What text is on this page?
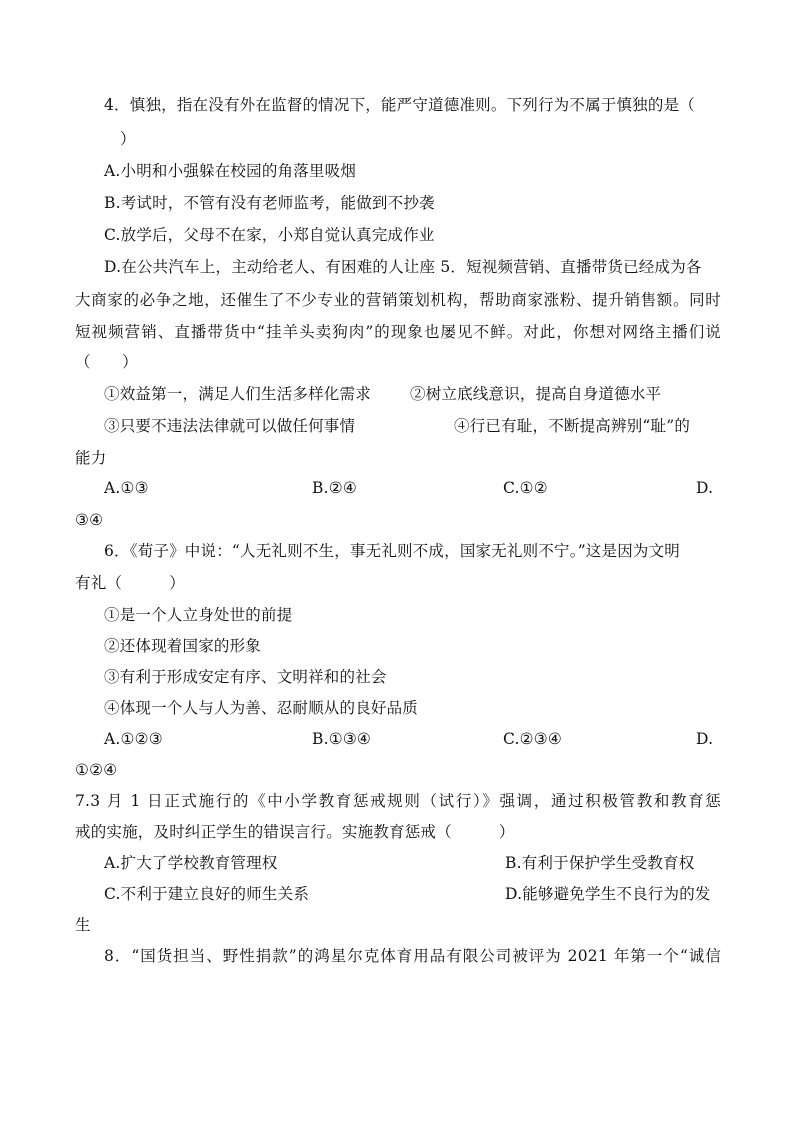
4．慎独，指在没有外在监督的情况下，能严守道德准则。下列行为不属于慎独的是（
）
A.小明和小强躲在校园的角落里吸烟
B.考试时，不管有没有老师监考，能做到不抄袭
C.放学后，父母不在家，小郑自觉认真完成作业
D.在公共汽车上，主动给老人、有困难的人让座 5．短视频营销、直播带货已经成为各
大商家的必争之地，还催生了不少专业的营销策划机构，帮助商家涨粉、提升销售额。同时
短视频营销、直播带货中“挂羊头卖狗肉”的现象也屡见不鲜。对此，你想对网络主播们说
（　　）
①效益第一，满足人们生活多样化需求	②树立底线意识，提高自身道德水平
③只要不违法法律就可以做任何事情	④行已有耻，不断提高辨别“耻”的
能力
A.①③	B.②④	C.①②	D.
③④
6．《荀子》中说：“人无礼则不生，事无礼则不成，国家无礼则不宁。”这是因为文明
有礼（　　　）
①是一个人立身处世的前提
②还体现着国家的形象
③有利于形成安定有序、文明祥和的社会
④体现一个人与人为善、忍耐顺从的良好品质
A.①②③	B.①③④	C.②③④	D.
①②④
7.3 月 1 日正式施行的《中小学教育惩戒规则（试行）》强调，通过积极管教和教育惩
戒的实施，及时纠正学生的错误言行。实施教育惩戒（　　　）
A.扩大了学校教育管理权	B.有利于保护学生受教育权
C.不利于建立良好的师生关系	D.能够避免学生不良行为的发
生
8．“国货担当、野性捐款”的鸿星尔克体育用品有限公司被评为 2021 年第一个“诚信
